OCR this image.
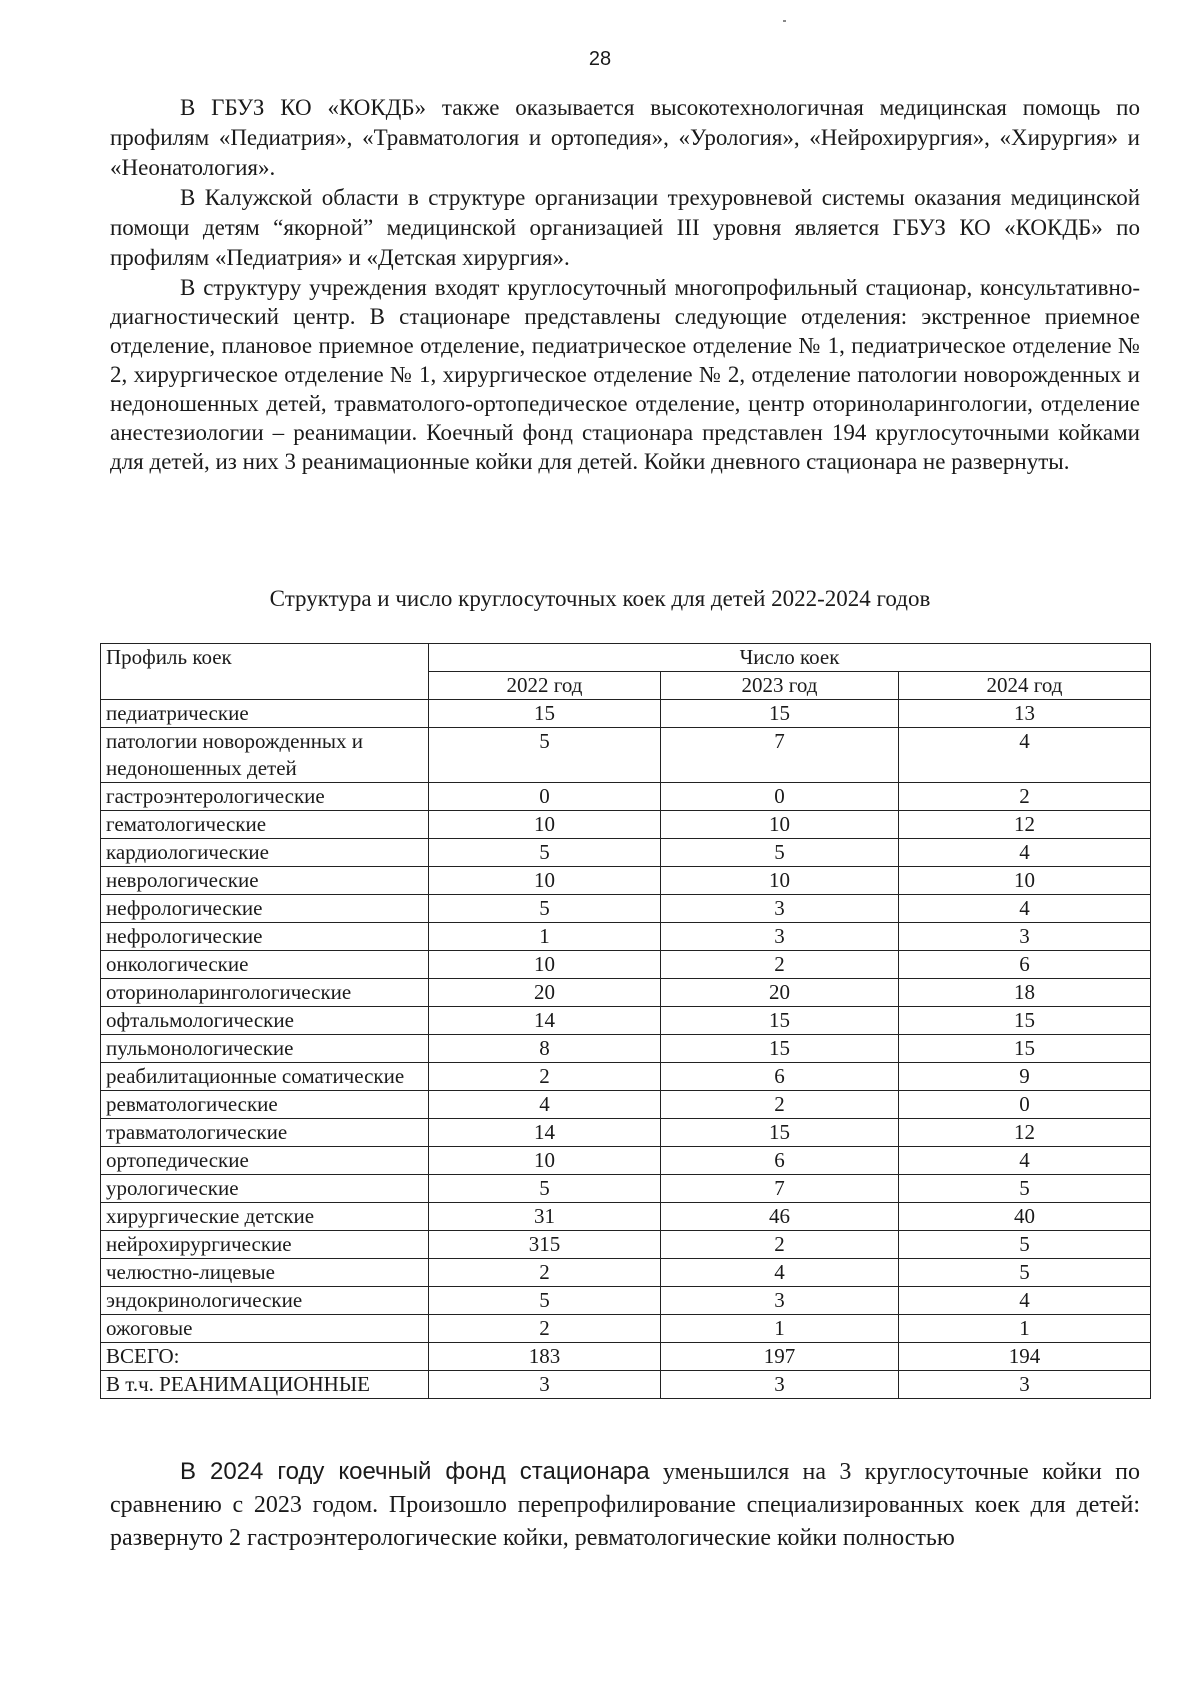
28

В ГБУЗ КО «КОКДБ» также оказывается высокотехнологичная медицинская помощь по профилям «Педиатрия», «Травматология и ортопедия», «Урология», «Нейрохирургия», «Хирургия» и «Неонатология».

В Калужской области в структуре организации трехуровневой системы оказания медицинской помощи детям “якорной” медицинской организацией III уровня является ГБУЗ КО «КОКДБ» по профилям «Педиатрия» и «Детская хирургия».

В структуру учреждения входят круглосуточный многопрофильный стационар, консультативно-диагностический центр. В стационаре представлены следующие отделения: экстренное приемное отделение, плановое приемное отделение, педиатрическое отделение № 1, педиатрическое отделение № 2, хирургическое отделение № 1, хирургическое отделение № 2, отделение патологии новорожденных и недоношенных детей, травматолого-ортопедическое отделение, центр оториноларингологии, отделение анестезиологии – реанимации. Коечный фонд стационара представлен 194 круглосуточными койками для детей, из них 3 реанимационные койки для детей. Койки дневного стационара не развернуты.

Структура и число круглосуточных коек для детей 2022-2024 годов
Профиль коек	Число коек		
	2022 год	2023 год	2024 год
педиатрические	15	15	13
патологии новорожденных и недоношенных детей	5	7	4
гастроэнтерологические	0	0	2
гематологические	10	10	12
кардиологические	5	5	4
неврологические	10	10	10
нефрологические	5	3	4
нефрологические	1	3	3
онкологические	10	2	6
оториноларингологические	20	20	18
офтальмологические	14	15	15
пульмонологические	8	15	15
реабилитационные соматические	2	6	9
ревматологические	4	2	0
травматологические	14	15	12
ортопедические	10	6	4
урологические	5	7	5
хирургические детские	31	46	40
нейрохирургические	315	2	5
челюстно-лицевые	2	4	5
эндокринологические	5	3	4
ожоговые	2	1	1
ВСЕГО:	183	197	194
В т.ч. РЕАНИМАЦИОННЫЕ	3	3	3

В 2024 году коечный фонд стационара уменьшился на 3 круглосуточные койки по сравнению с 2023 годом. Произошло перепрофилирование специализированных коек для детей: развернуто 2 гастроэнтерологические койки, ревматологические койки полностью
